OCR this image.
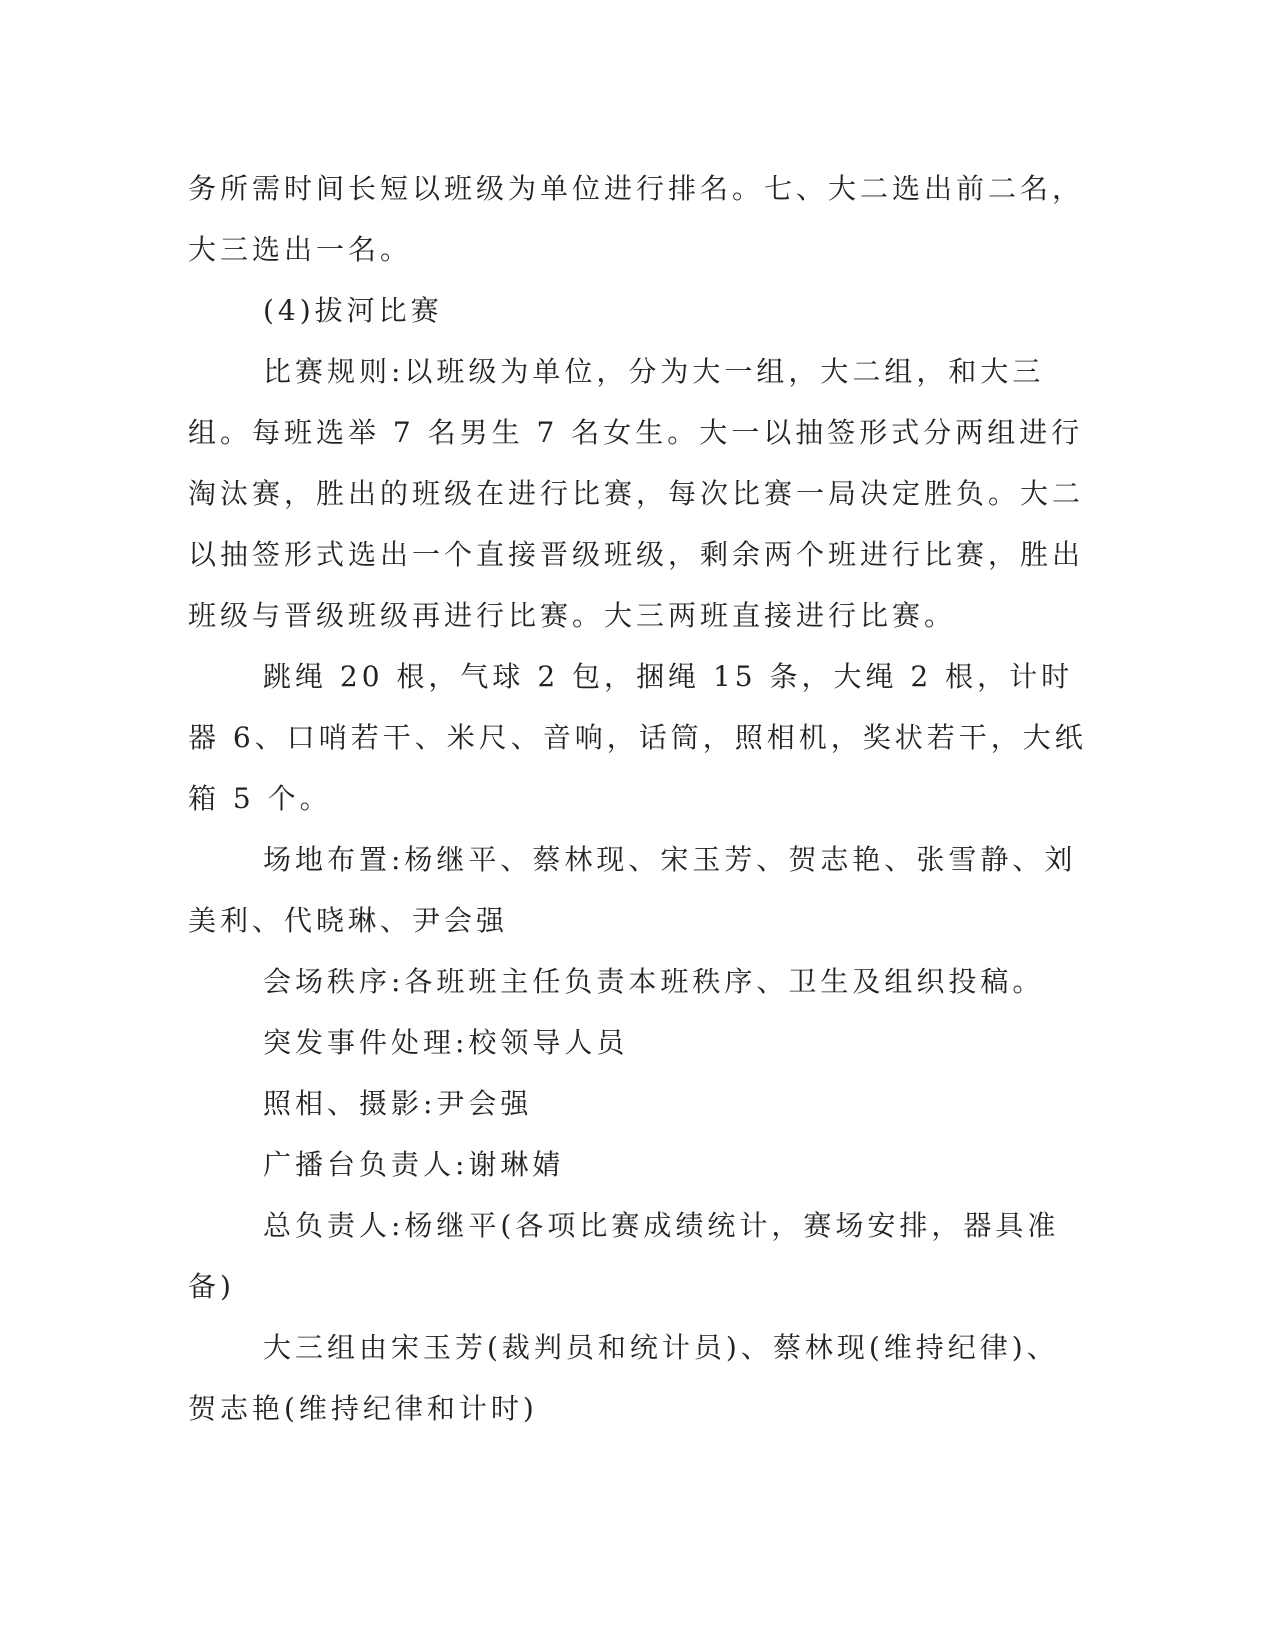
务所需时间长短以班级为单位进行排名。七、大二选出前二名，大三选出一名。

(4)拔河比赛

比赛规则:以班级为单位，分为大一组，大二组，和大三组。每班选举 7 名男生 7 名女生。大一以抽签形式分两组进行淘汰赛，胜出的班级在进行比赛，每次比赛一局决定胜负。大二以抽签形式选出一个直接晋级班级，剩余两个班进行比赛，胜出班级与晋级班级再进行比赛。大三两班直接进行比赛。

跳绳 20 根，气球 2 包，捆绳 15 条，大绳 2 根，计时器 6、口哨若干、米尺、音响，话筒，照相机，奖状若干，大纸箱 5 个。

场地布置:杨继平、蔡林现、宋玉芳、贺志艳、张雪静、刘美利、代晓琳、尹会强

会场秩序:各班班主任负责本班秩序、卫生及组织投稿。

突发事件处理:校领导人员

照相、摄影:尹会强

广播台负责人:谢琳婧

总负责人:杨继平(各项比赛成绩统计，赛场安排，器具准备)

大三组由宋玉芳(裁判员和统计员)、蔡林现(维持纪律)、贺志艳(维持纪律和计时)
